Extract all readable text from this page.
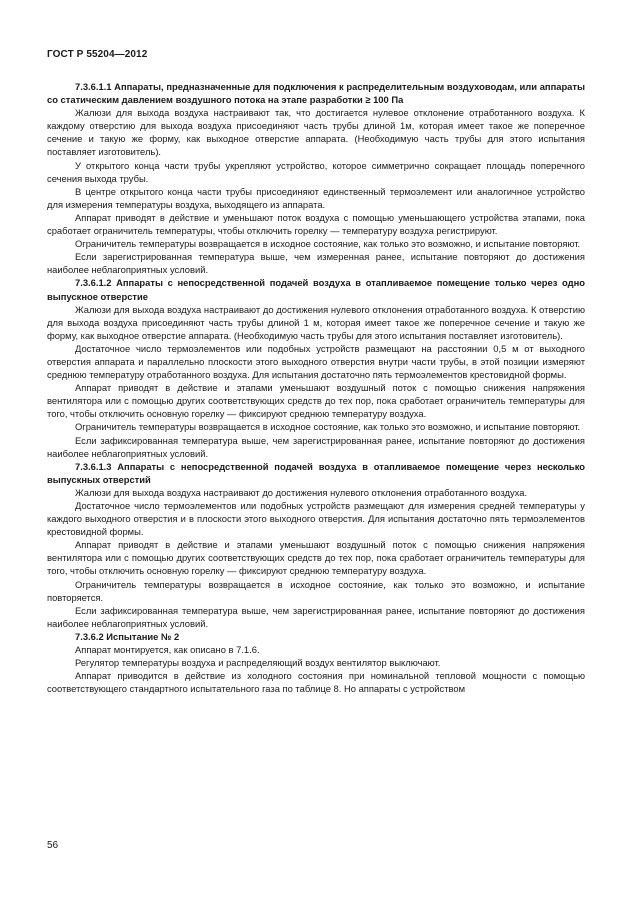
ГОСТ Р 55204—2012

7.3.6.1.1 Аппараты, предназначенные для подключения к распределительным воздуховодам, или аппараты со статическим давлением воздушного потока на этапе разработки ≥ 100 Па

Жалюзи для выхода воздуха настраивают так, что достигается нулевое отклонение отработанного воздуха. К каждому отверстию для выхода воздуха присоединяют часть трубы длиной 1м, которая имеет такое же поперечное сечение и такую же форму, как выходное отверстие аппарата. (Необходимую часть трубы для этого испытания поставляет изготовитель).

У открытого конца части трубы укрепляют устройство, которое симметрично сокращает площадь поперечного сечения выхода трубы.

В центре открытого конца части трубы присоединяют единственный термоэлемент или аналогичное устройство для измерения температуры воздуха, выходящего из аппарата.

Аппарат приводят в действие и уменьшают поток воздуха с помощью уменьшающего устройства этапами, пока сработает ограничитель температуры, чтобы отключить горелку — температуру воздуха регистрируют.

Ограничитель температуры возвращается в исходное состояние, как только это возможно, и испытание повторяют.

Если зарегистрированная температура выше, чем измеренная ранее, испытание повторяют до достижения наиболее неблагоприятных условий.

7.3.6.1.2 Аппараты с непосредственной подачей воздуха в отапливаемое помещение только через одно выпускное отверстие

Жалюзи для выхода воздуха настраивают до достижения нулевого отклонения отработанного воздуха. К отверстию для выхода воздуха присоединяют часть трубы длиной 1 м, которая имеет такое же поперечное сечение и такую же форму, как выходное отверстие аппарата. (Необходимую часть трубы для этого испытания поставляет изготовитель).

Достаточное число термоэлементов или подобных устройств размещают на расстоянии 0,5 м от выходного отверстия аппарата и параллельно плоскости этого выходного отверстия внутри части трубы, в этой позиции измеряют среднюю температуру отработанного воздуха. Для испытания достаточно пять термоэлементов крестовидной формы.

Аппарат приводят в действие и этапами уменьшают воздушный поток с помощью снижения напряжения вентилятора или с помощью других соответствующих средств до тех пор, пока сработает ограничитель температуры для того, чтобы отключить основную горелку — фиксируют среднюю температуру воздуха.

Ограничитель температуры возвращается в исходное состояние, как только это возможно, и испытание повторяют.

Если зафиксированная температура выше, чем зарегистрированная ранее, испытание повторяют до достижения наиболее неблагоприятных условий.

7.3.6.1.3 Аппараты с непосредственной подачей воздуха в отапливаемое помещение через несколько выпускных отверстий

Жалюзи для выхода воздуха настраивают до достижения нулевого отклонения отработанного воздуха.

Достаточное число термоэлементов или подобных устройств размещают для измерения средней температуры у каждого выходного отверстия и в плоскости этого выходного отверстия. Для испытания достаточно пять термоэлементов крестовидной формы.

Аппарат приводят в действие и этапами уменьшают воздушный поток с помощью снижения напряжения вентилятора или с помощью других соответствующих средств до тех пор, пока сработает ограничитель температуры для того, чтобы отключить основную горелку — фиксируют среднюю температуру воздуха.

Ограничитель температуры возвращается в исходное состояние, как только это возможно, и испытание повторяется.

Если зафиксированная температура выше, чем зарегистрированная ранее, испытание повторяют до достижения наиболее неблагоприятных условий.

7.3.6.2 Испытание № 2

Аппарат монтируется, как описано в 7.1.6.

Регулятор температуры воздуха и распределяющий воздух вентилятор выключают.

Аппарат приводится в действие из холодного состояния при номинальной тепловой мощности с помощью соответствующего стандартного испытательного газа по таблице 8. Но аппараты с устройством

56
